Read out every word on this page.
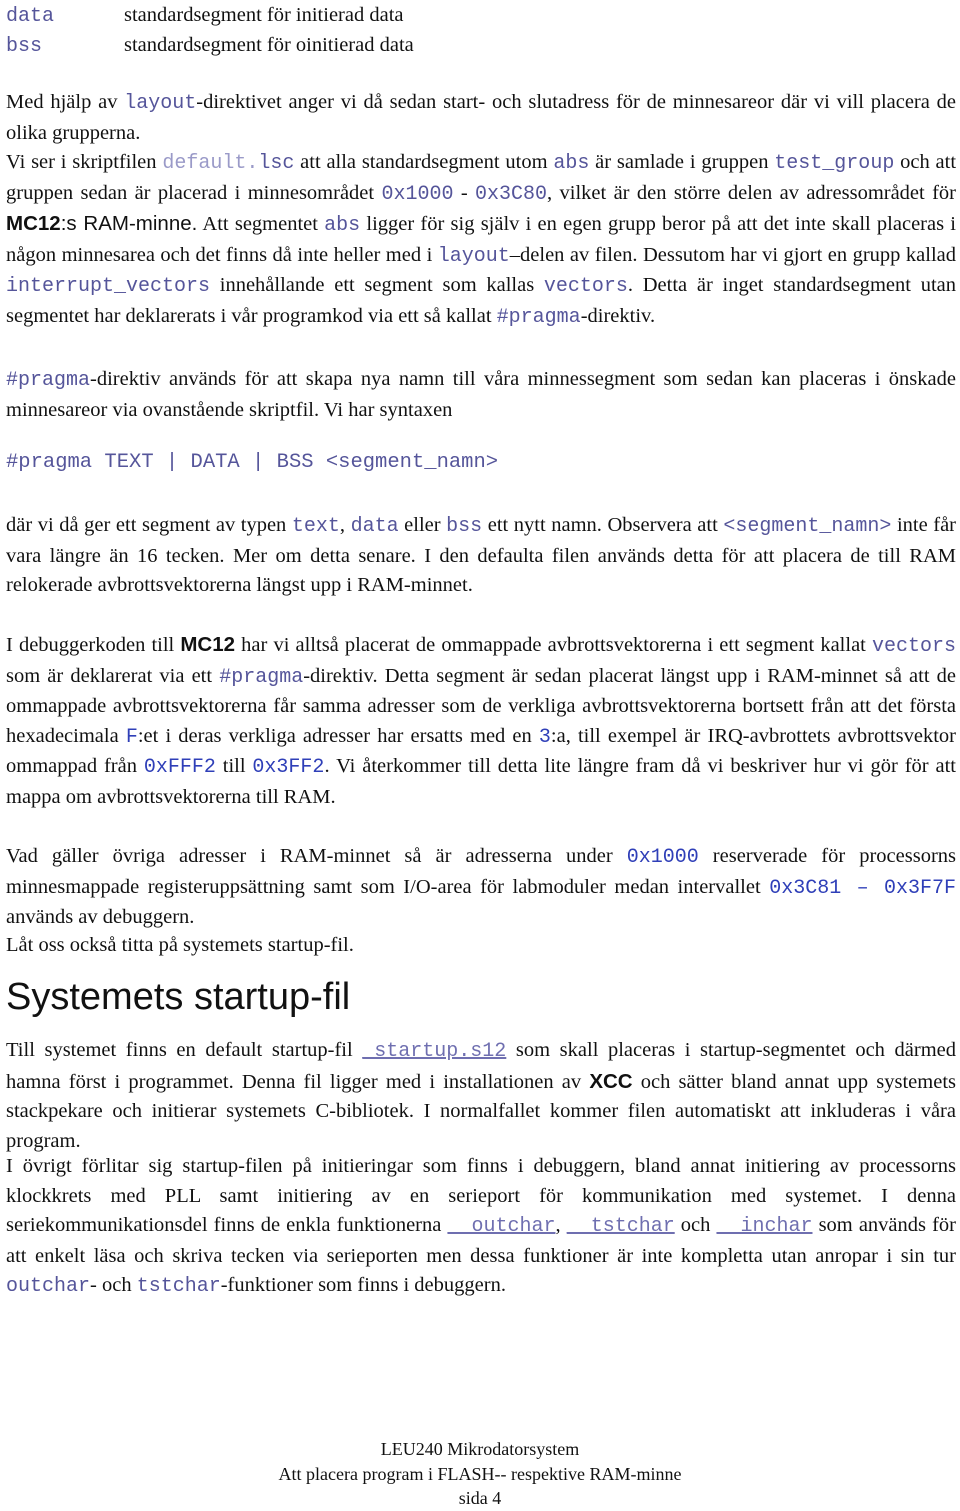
data	standardsegment för initierad data
bss	standardsegment för oinitierad data

Med hjälp av layout-direktivet anger vi då sedan start- och slutadress för de minnesareor där vi vill placera de olika grupperna.

Vi ser i skriptfilen default.lsc att alla standardsegment utom abs är samlade i gruppen test_group och att gruppen sedan är placerad i minnesområdet 0x1000 - 0x3C80, vilket är den större delen av adressområdet för MC12:s RAM-minne. Att segmentet abs ligger för sig själv i en egen grupp beror på att det inte skall placeras i någon minnesarea och det finns då inte heller med i layout–delen av filen. Dessutom har vi gjort en grupp kallad interrupt_vectors innehållande ett segment som kallas vectors. Detta är inget standardsegment utan segmentet har deklarerats i vår programkod via ett så kallat #pragma-direktiv.

#pragma-direktiv används för att skapa nya namn till våra minnessegment som sedan kan placeras i önskade minnesareor via ovanstående skriptfil. Vi har syntaxen

#pragma TEXT | DATA | BSS <segment_namn>

där vi då ger ett segment av typen text, data eller bss ett nytt namn. Observera att <segment_namn> inte får vara längre än 16 tecken. Mer om detta senare. I den defaulta filen används detta för att placera de till RAM relokerade avbrottsvektorerna längst upp i RAM-minnet.

I debuggerkoden till MC12 har vi alltså placerat de ommappade avbrottsvektorerna i ett segment kallat vectors som är deklarerat via ett #pragma-direktiv. Detta segment är sedan placerat längst upp i RAM-minnet så att de ommappade avbrottsvektorerna får samma adresser som de verkliga avbrottsvektorerna bortsett från att det första hexadecimala F:et i deras verkliga adresser har ersatts med en 3:a, till exempel är IRQ-avbrottets avbrottsvektor ommappad från 0xFFF2 till 0x3FF2. Vi återkommer till detta lite längre fram då vi beskriver hur vi gör för att mappa om avbrottsvektorerna till RAM.

Vad gäller övriga adresser i RAM-minnet så är adresserna under 0x1000 reserverade för processorns minnesmappade registeruppsättning samt som I/O-area för labmoduler medan intervallet 0x3C81 – 0x3F7F används av debuggern.

Låt oss också titta på systemets startup-fil.

Systemets startup-fil

Till systemet finns en default startup-fil _startup.s12 som skall placeras i startup-segmentet och därmed hamna först i programmet. Denna fil ligger med i installationen av XCC och sätter bland annat upp systemets stackpekare och initierar systemets C-bibliotek. I normalfallet kommer filen automatiskt att inkluderas i våra program.

I övrigt förlitar sig startup-filen på initieringar som finns i debuggern, bland annat initiering av processorns klockkrets med PLL samt initiering av en serieport för kommunikation med systemet. I denna seriekommunikationsdel finns de enkla funktionerna __outchar, __tstchar och __inchar som används för att enkelt läsa och skriva tecken via serieporten men dessa funktioner är inte kompletta utan anropar i sin tur outchar- och tstchar-funktioner som finns i debuggern.

LEU240 Mikrodatorsystem
Att placera program i FLASH-- respektive RAM-minne
sida 4
